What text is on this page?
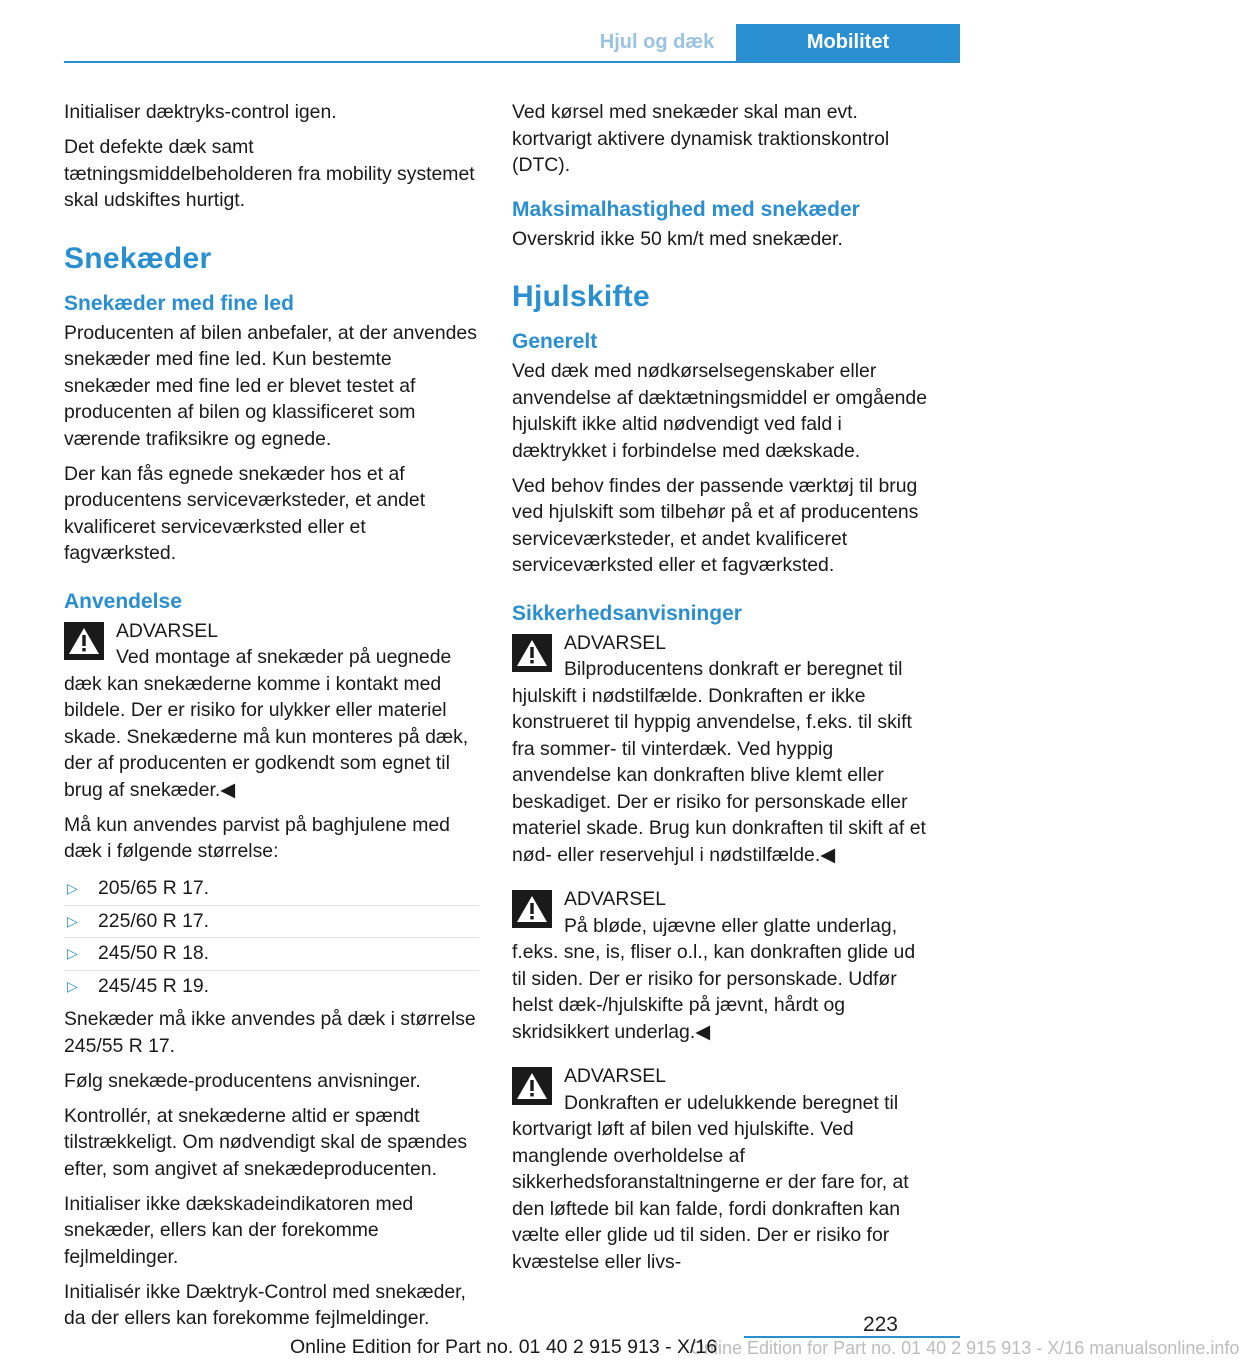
Hjul og dæk	Mobilitet

Initialiser dæktryks-control igen.

Det defekte dæk samt tætningsmiddelbeholderen fra mobility systemet skal udskiftes hurtigt.

Snekæder
Snekæder med fine led

Producenten af bilen anbefaler, at der anvendes snekæder med fine led. Kun bestemte snekæder med fine led er blevet testet af producenten af bilen og klassificeret som værende trafiksikre og egnede.

Der kan fås egnede snekæder hos et af producentens serviceværksteder, et andet kvalificeret serviceværksted eller et fagværksted.

Anvendelse
ADVARSEL
Ved montage af snekæder på uegnede dæk kan snekæderne komme i kontakt med bildele. Der er risiko for ulykker eller materiel skade. Snekæderne må kun monteres på dæk, der af producenten er godkendt som egnet til brug af snekæder.◀

Må kun anvendes parvist på baghjulene med dæk i følgende størrelse:

▷ 205/65 R 17.
▷ 225/60 R 17.
▷ 245/50 R 18.
▷ 245/45 R 19.

Snekæder må ikke anvendes på dæk i størrelse 245/55 R 17.

Følg snekæde-producentens anvisninger.

Kontrollér, at snekæderne altid er spændt tilstrækkeligt. Om nødvendigt skal de spændes efter, som angivet af snekædeproducenten.

Initialiser ikke dækskadeindikatoren med snekæder, ellers kan der forekomme fejlmeldinger.

Initialisér ikke Dæktryk-Control med snekæder, da der ellers kan forekomme fejlmeldinger.

Ved kørsel med snekæder skal man evt. kortvarigt aktivere dynamisk traktionskontrol (DTC).

Maksimalhastighed med snekæder

Overskrid ikke 50 km/t med snekæder.

Hjulskifte
Generelt

Ved dæk med nødkørselsegenskaber eller anvendelse af dæktætningsmiddel er omgående hjulskift ikke altid nødvendigt ved fald i dæktrykket i forbindelse med dækskade.

Ved behov findes der passende værktøj til brug ved hjulskift som tilbehør på et af producentens serviceværksteder, et andet kvalificeret serviceværksted eller et fagværksted.

Sikkerhedsanvisninger
ADVARSEL
Bilproducentens donkraft er beregnet til hjulskift i nødstilfælde. Donkraften er ikke konstrueret til hyppig anvendelse, f.eks. til skift fra sommer- til vinterdæk. Ved hyppig anvendelse kan donkraften blive klemt eller beskadiget. Der er risiko for personskade eller materiel skade. Brug kun donkraften til skift af et nød- eller reservehjul i nødstilfælde.◀
ADVARSEL
På bløde, ujævne eller glatte underlag, f.eks. sne, is, fliser o.l., kan donkraften glide ud til siden. Der er risiko for personskade. Udfør helst dæk-/hjulskifte på jævnt, hårdt og skridsikkert underlag.◀
ADVARSEL
Donkraften er udelukkende beregnet til kortvarigt løft af bilen ved hjulskifte. Ved manglende overholdelse af sikkerhedsforanstaltningerne er der fare for, at den løftede bil kan falde, fordi donkraften kan vælte eller glide ud til siden. Der er risiko for kvæstelse eller livs-
223
Online Edition for Part no. 01 40 2 915 913 - X/16 manualsonline.info
Online Edition for Part no. 01 40 2 915 913 - X/16
